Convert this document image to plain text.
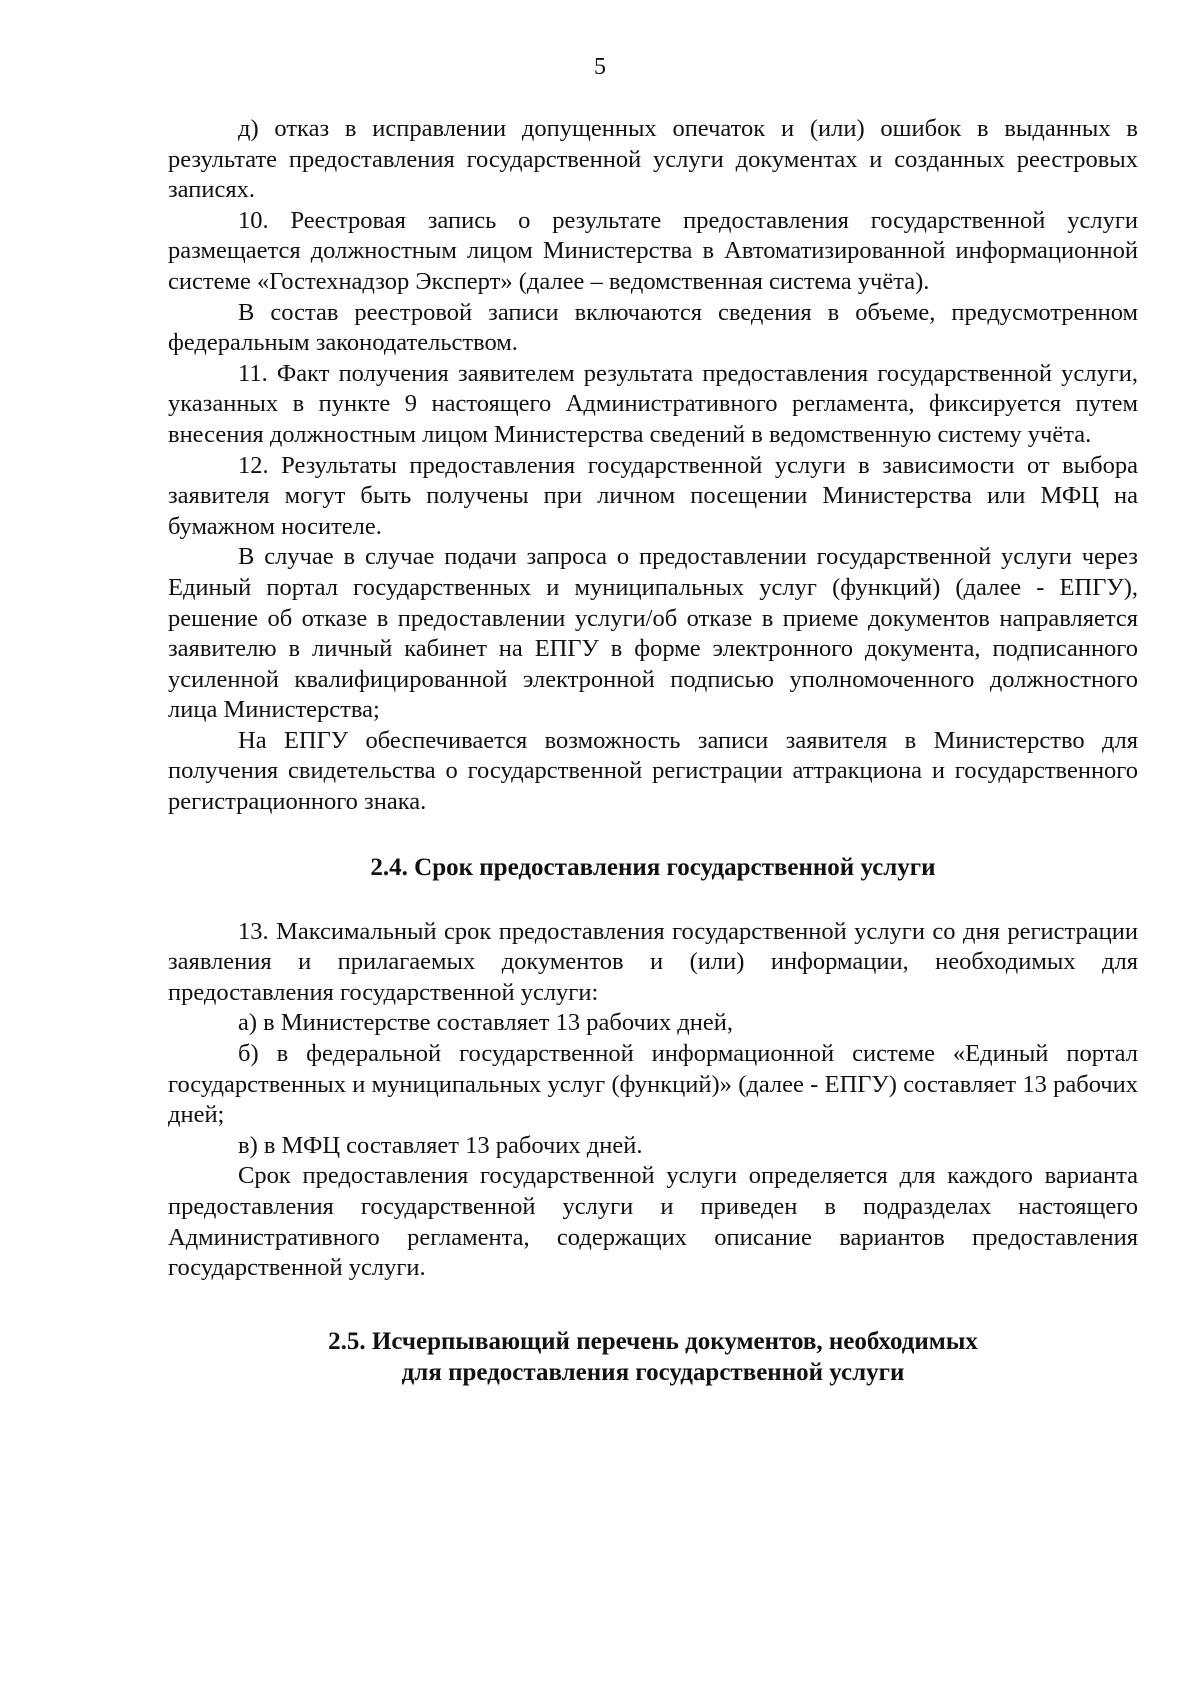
5

д) отказ в исправлении допущенных опечаток и (или) ошибок в выданных в результате предоставления государственной услуги документах и созданных реестровых записях.

10. Реестровая запись о результате предоставления государственной услуги размещается должностным лицом Министерства в Автоматизированной информационной системе «Гостехнадзор Эксперт» (далее – ведомственная система учёта).

В состав реестровой записи включаются сведения в объеме, предусмотренном федеральным законодательством.

11. Факт получения заявителем результата предоставления государственной услуги, указанных в пункте 9 настоящего Административного регламента, фиксируется путем внесения должностным лицом Министерства сведений в ведомственную систему учёта.

12. Результаты предоставления государственной услуги в зависимости от выбора заявителя могут быть получены при личном посещении Министерства или МФЦ на бумажном носителе.

В случае в случае подачи запроса о предоставлении государственной услуги через Единый портал государственных и муниципальных услуг (функций) (далее - ЕПГУ), решение об отказе в предоставлении услуги/об отказе в приеме документов направляется заявителю в личный кабинет на ЕПГУ в форме электронного документа, подписанного усиленной квалифицированной электронной подписью уполномоченного должностного лица Министерства;

На ЕПГУ обеспечивается возможность записи заявителя в Министерство для получения свидетельства о государственной регистрации аттракциона и государственного регистрационного знака.

2.4. Срок предоставления государственной услуги

13. Максимальный срок предоставления государственной услуги со дня регистрации заявления и прилагаемых документов и (или) информации, необходимых для предоставления государственной услуги:

а) в Министерстве составляет 13 рабочих дней,

б) в федеральной государственной информационной системе «Единый портал государственных и муниципальных услуг (функций)» (далее - ЕПГУ) составляет 13 рабочих дней;

в) в МФЦ составляет 13 рабочих дней.

Срок предоставления государственной услуги определяется для каждого варианта предоставления государственной услуги и приведен в подразделах настоящего Административного регламента, содержащих описание вариантов предоставления государственной услуги.

2.5. Исчерпывающий перечень документов, необходимых
для предоставления государственной услуги
